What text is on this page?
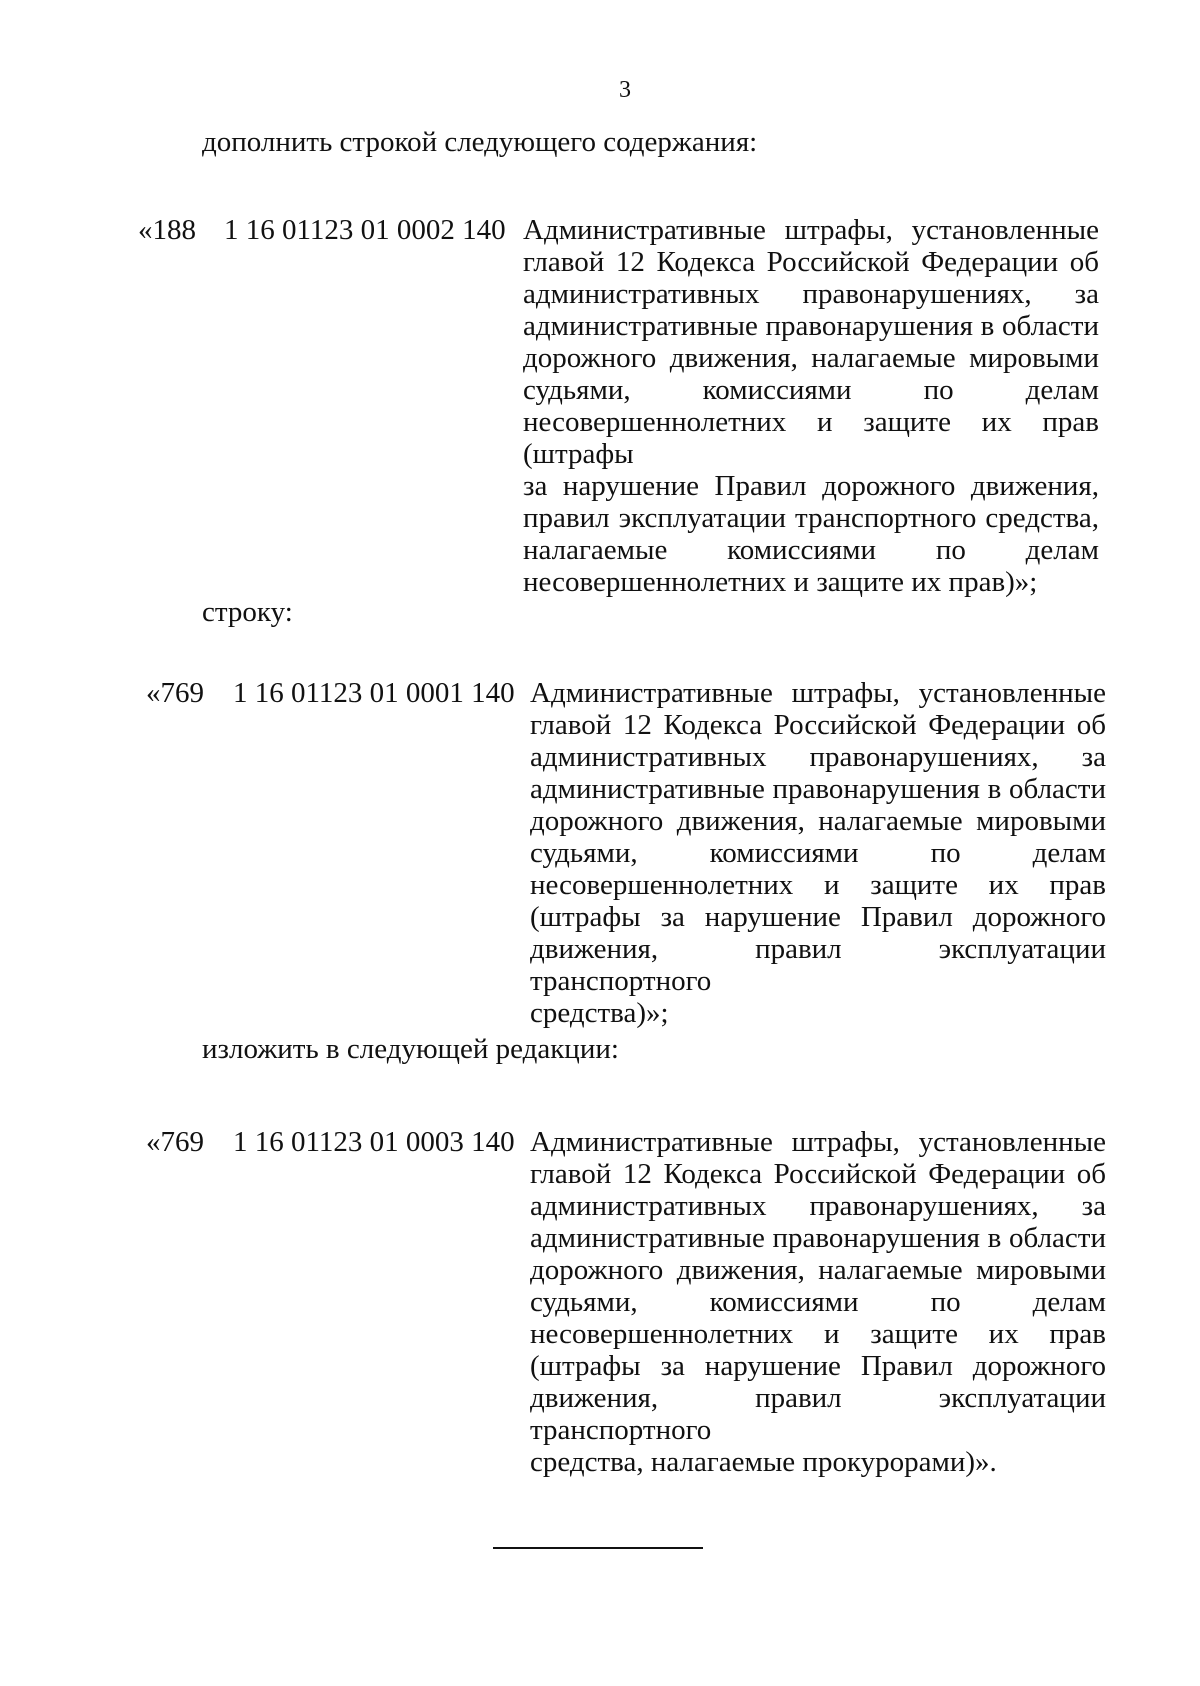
3
дополнить строкой следующего содержания:
«188 1 16 01123 01 0002 140 Административные штрафы, установленные
главой 12 Кодекса Российской Федерации об
административных правонарушениях, за
административные правонарушения в области
дорожного движения, налагаемые мировыми
судьями, комиссиями по делам
несовершеннолетних и защите их прав (штрафы
за нарушение Правил дорожного движения,
правил эксплуатации транспортного средства,
налагаемые комиссиями по делам
несовершеннолетних и защите их прав)»;
строку:
«769 1 16 01123 01 0001 140 Административные штрафы, установленные
главой 12 Кодекса Российской Федерации об
административных правонарушениях, за
административные правонарушения в области
дорожного движения, налагаемые мировыми
судьями, комиссиями по делам
несовершеннолетних и защите их прав
(штрафы за нарушение Правил дорожного
движения, правил эксплуатации транспортного
средства)»;
изложить в следующей редакции:
«769 1 16 01123 01 0003 140 Административные штрафы, установленные
главой 12 Кодекса Российской Федерации об
административных правонарушениях, за
административные правонарушения в области
дорожного движения, налагаемые мировыми
судьями, комиссиями по делам
несовершеннолетних и защите их прав
(штрафы за нарушение Правил дорожного
движения, правил эксплуатации транспортного
средства, налагаемые прокурорами)».
